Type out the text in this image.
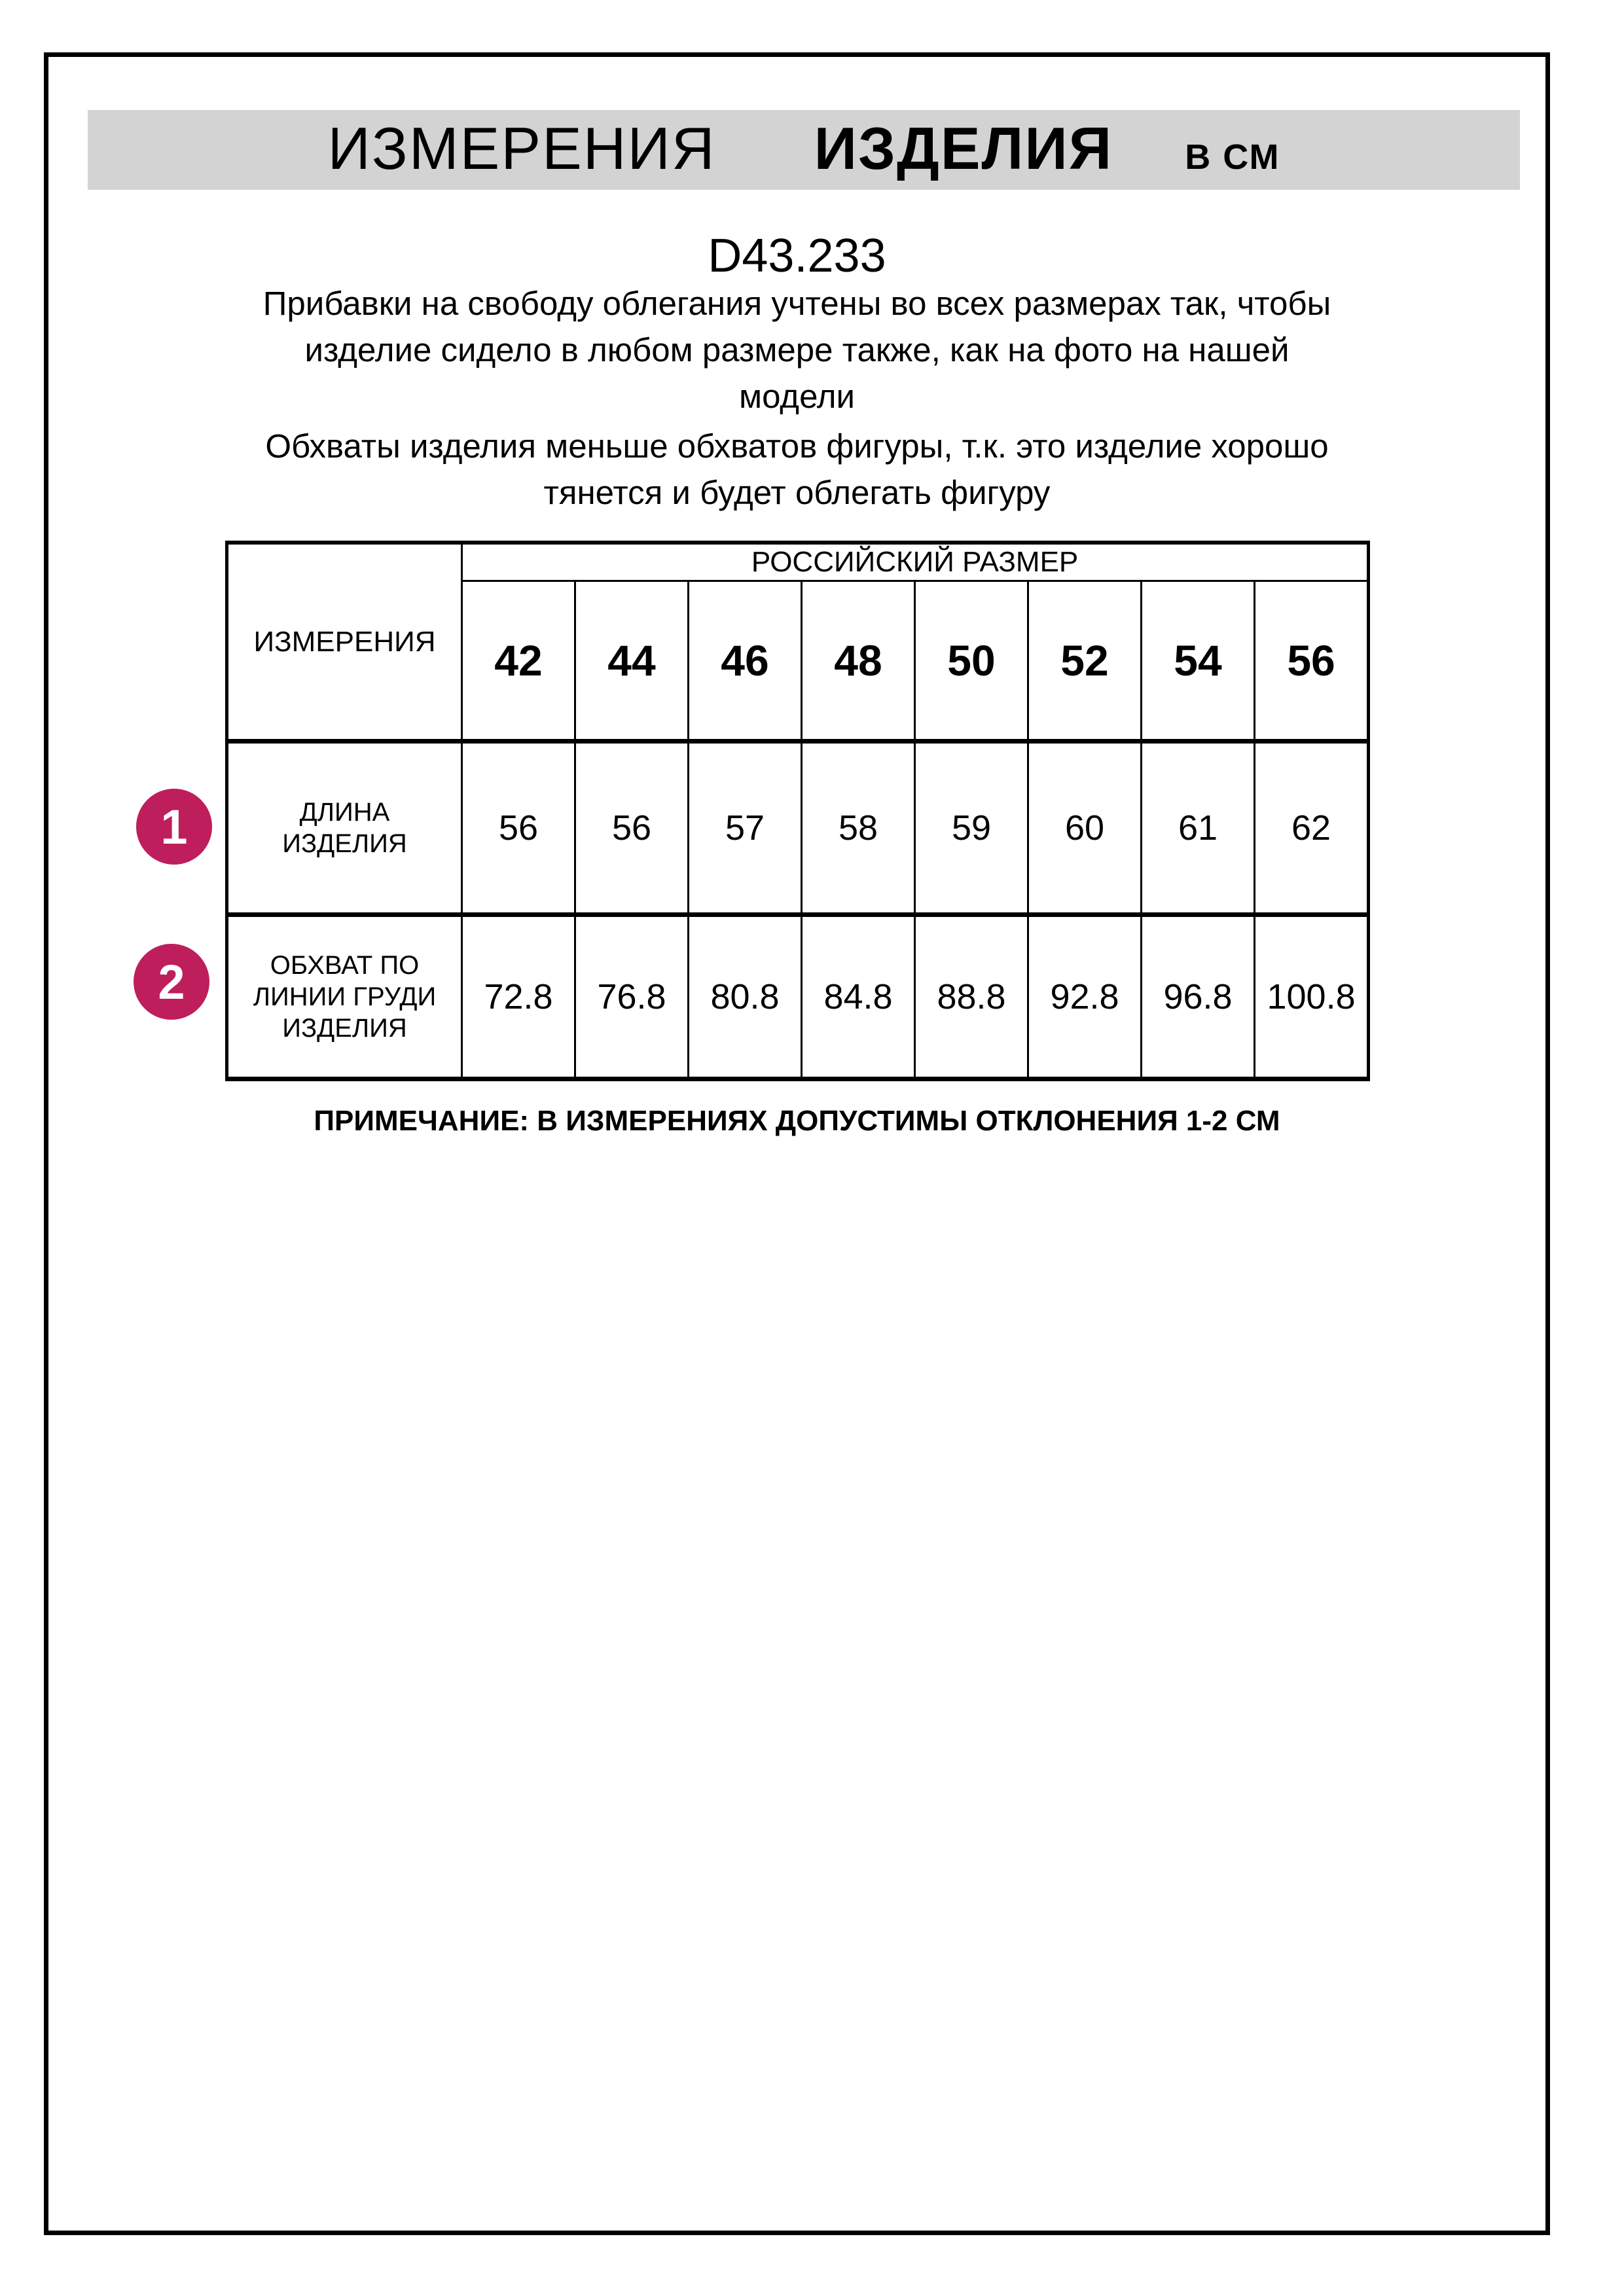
ИЗМЕРЕНИЯ ИЗДЕЛИЯ В СМ
D43.233
Прибавки на свободу облегания учтены во всех размерах так, чтобы
изделие сидело в любом размере также, как на фото на нашей
модели
Обхваты изделия меньше обхватов фигуры, т.к. это изделие хорошо
тянется и будет облегать фигуру
ИЗМЕРЕНИЯ	РОССИЙСКИЙ РАЗМЕР							
	42	44	46	48	50	52	54	56

ДЛИНА
ИЗДЕЛИЯ	56	56	57	58	59	60	61	62

ОБХВАТ ПО
ЛИНИИ ГРУДИ
ИЗДЕЛИЯ	72.8	76.8	80.8	84.8	88.8	92.8	96.8	100.8
1
2
ПРИМЕЧАНИЕ: В ИЗМЕРЕНИЯХ ДОПУСТИМЫ ОТКЛОНЕНИЯ 1-2 СМ
